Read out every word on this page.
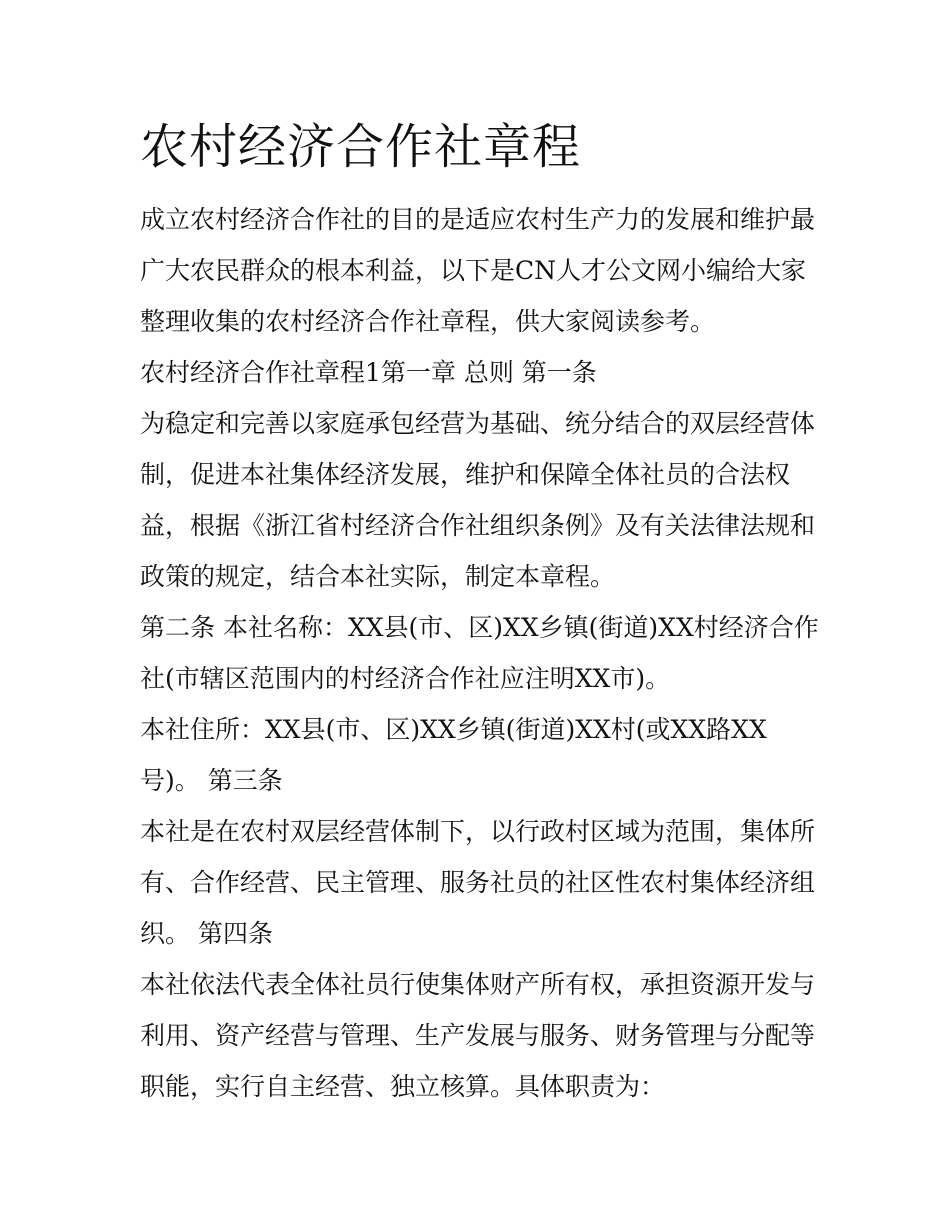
农村经济合作社章程

成立农村经济合作社的目的是适应农村生产力的发展和维护最
广大农民群众的根本利益，以下是CN人才公文网小编给大家
整理收集的农村经济合作社章程，供大家阅读参考。

农村经济合作社章程1第一章 总则 第一条

为稳定和完善以家庭承包经营为基础、统分结合的双层经营体
制，促进本社集体经济发展，维护和保障全体社员的合法权
益，根据《浙江省村经济合作社组织条例》及有关法律法规和
政策的规定，结合本社实际，制定本章程。

第二条 本社名称：XX县(市、区)XX乡镇(街道)XX村经济合作
社(市辖区范围内的村经济合作社应注明XX市)。

本社住所：XX县(市、区)XX乡镇(街道)XX村(或XX路XX
号)。 第三条

本社是在农村双层经营体制下，以行政村区域为范围，集体所
有、合作经营、民主管理、服务社员的社区性农村集体经济组
织。 第四条

本社依法代表全体社员行使集体财产所有权，承担资源开发与
利用、资产经营与管理、生产发展与服务、财务管理与分配等
职能，实行自主经营、独立核算。具体职责为：
